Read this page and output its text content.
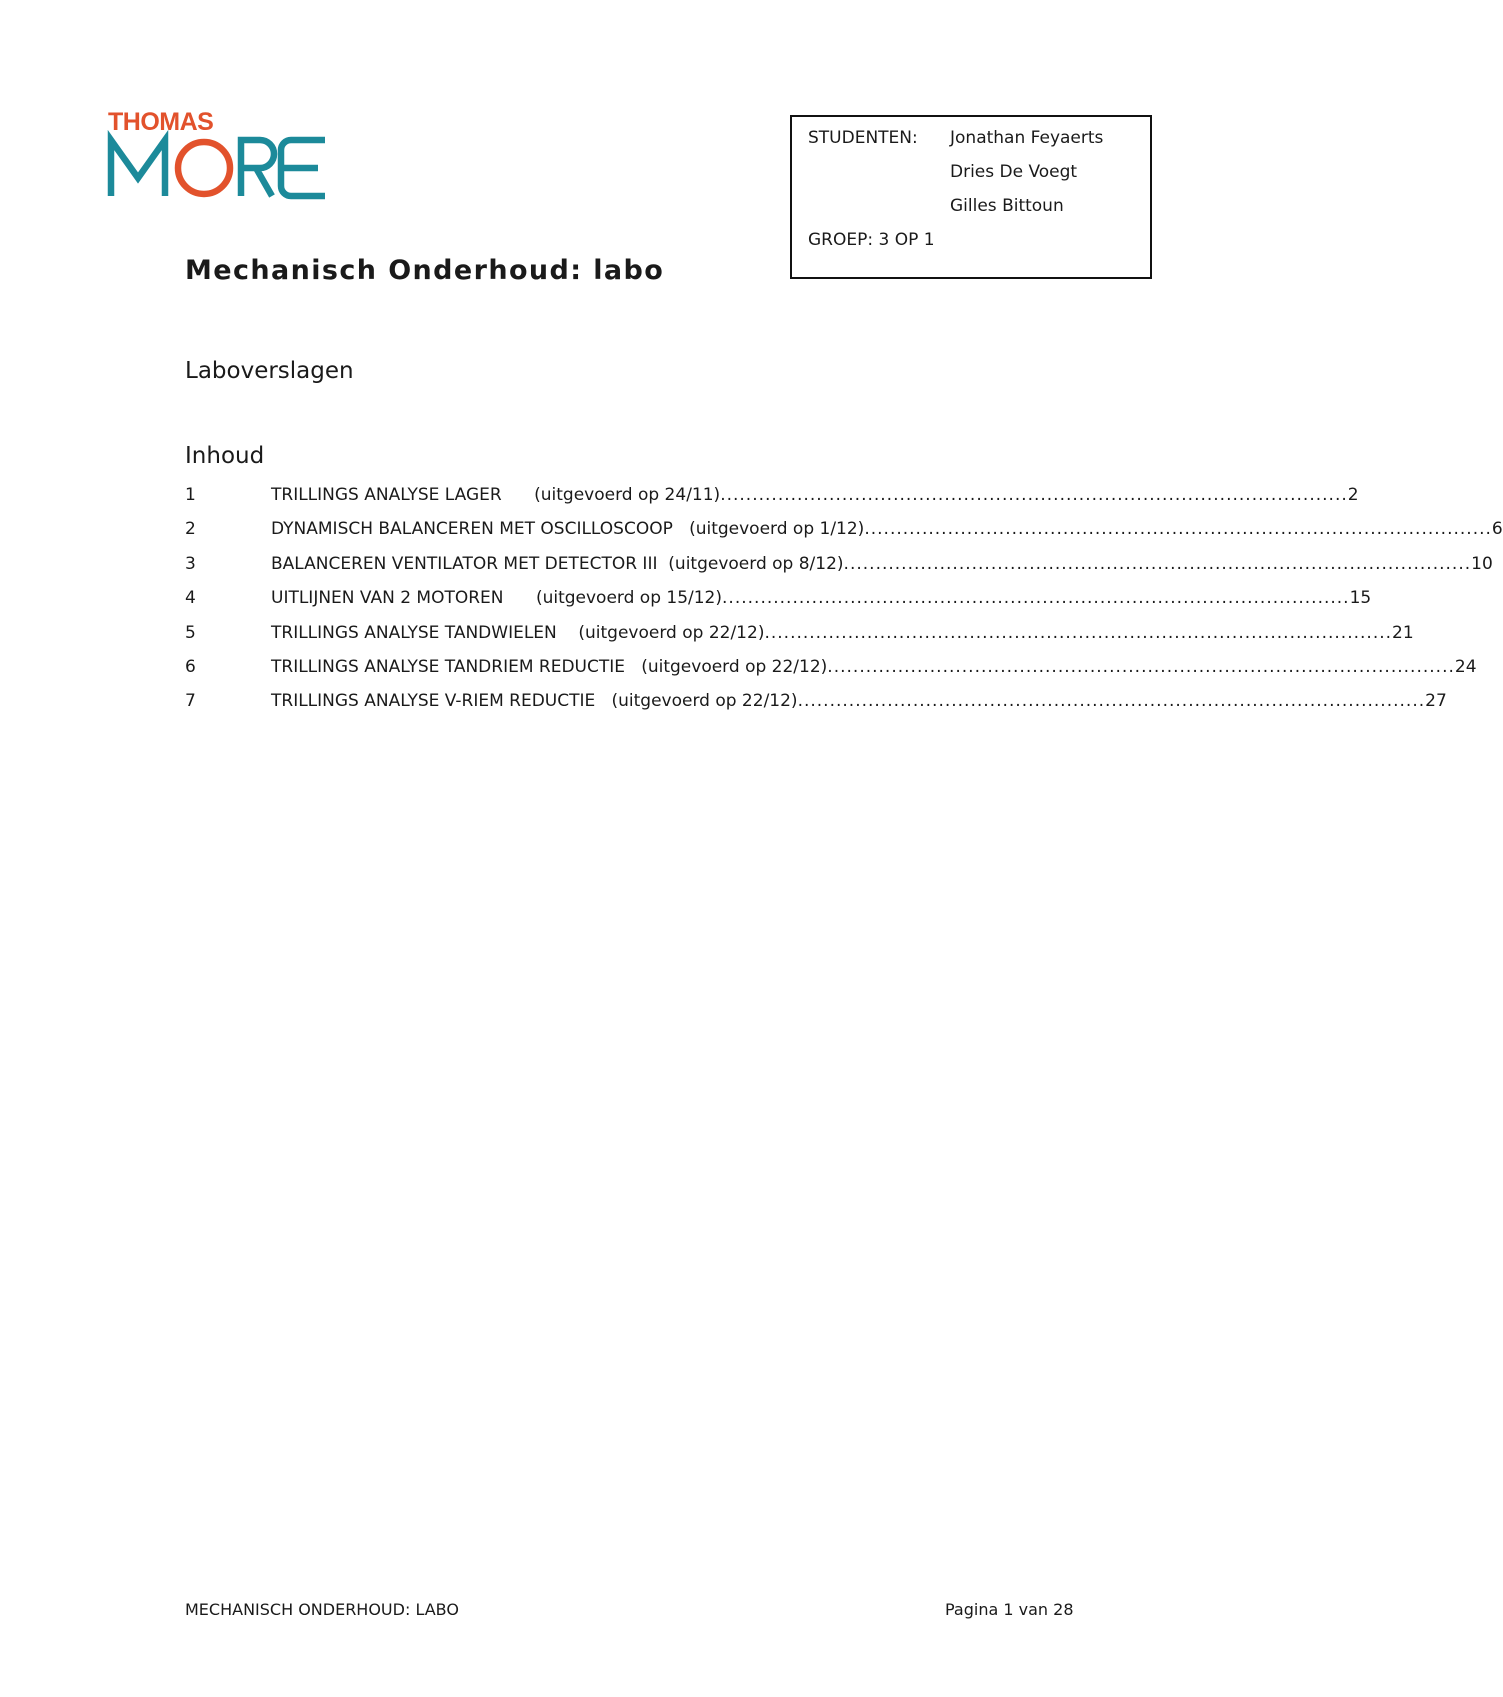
THOMAS
STUDENTEN: Jonathan Feyaerts
Dries De Voegt
Gilles Bittoun
GROEP: 3 OP 1
Mechanisch Onderhoud: labo
Laboverslagen
Inhoud
1	TRILLINGS ANALYSE LAGER (uitgevoerd op 24/11) .................................................................................................. 2
2	DYNAMISCH BALANCEREN MET OSCILLOSCOOP (uitgevoerd op 1/12) .................................................................................................. 6
3	BALANCEREN VENTILATOR MET DETECTOR III (uitgevoerd op 8/12) .................................................................................................. 10
4	UITLIJNEN VAN 2 MOTOREN (uitgevoerd op 15/12) .................................................................................................. 15
5	TRILLINGS ANALYSE TANDWIELEN (uitgevoerd op 22/12) .................................................................................................. 21
6	TRILLINGS ANALYSE TANDRIEM REDUCTIE (uitgevoerd op 22/12) .................................................................................................. 24
7	TRILLINGS ANALYSE V-RIEM REDUCTIE (uitgevoerd op 22/12) .................................................................................................. 27
MECHANISCH ONDERHOUD: LABO	Pagina 1 van 28
